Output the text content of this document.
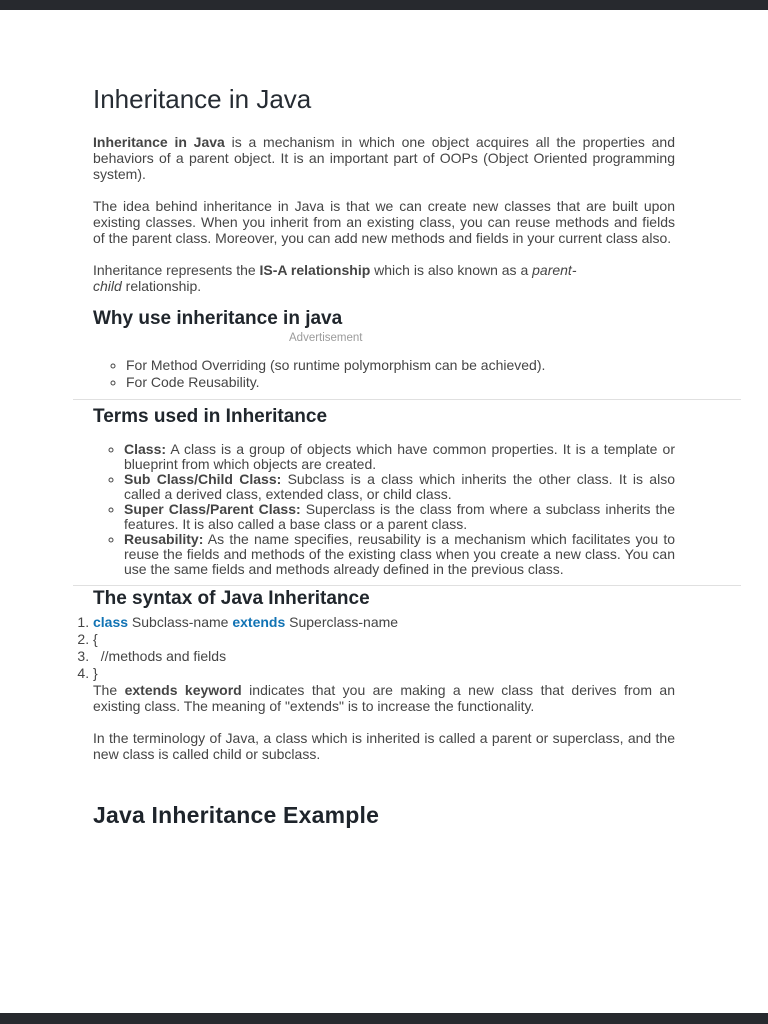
Inheritance in Java

Inheritance in Java is a mechanism in which one object acquires all the properties and behaviors of a parent object. It is an important part of OOPs (Object Oriented programming system).

The idea behind inheritance in Java is that we can create new classes that are built upon existing classes. When you inherit from an existing class, you can reuse methods and fields of the parent class. Moreover, you can add new methods and fields in your current class also.

Inheritance represents the IS-A relationship which is also known as a parent-
child relationship.

Why use inheritance in java
Advertisement
◦ For Method Overriding (so runtime polymorphism can be achieved).
◦ For Code Reusability.
Terms used in Inheritance
◦ Class: A class is a group of objects which have common properties. It is a template or blueprint from which objects are created.
◦ Sub Class/Child Class: Subclass is a class which inherits the other class. It is also called a derived class, extended class, or child class.
◦ Super Class/Parent Class: Superclass is the class from where a subclass inherits the features. It is also called a base class or a parent class.
◦ Reusability: As the name specifies, reusability is a mechanism which facilitates you to reuse the fields and methods of the existing class when you create a new class. You can use the same fields and methods already defined in the previous class.
The syntax of Java Inheritance
1. class Subclass-name extends Superclass-name
2. {
3.   //methods and fields
4. }

The extends keyword indicates that you are making a new class that derives from an existing class. The meaning of "extends" is to increase the functionality.

In the terminology of Java, a class which is inherited is called a parent or superclass, and the new class is called child or subclass.

Java Inheritance Example
